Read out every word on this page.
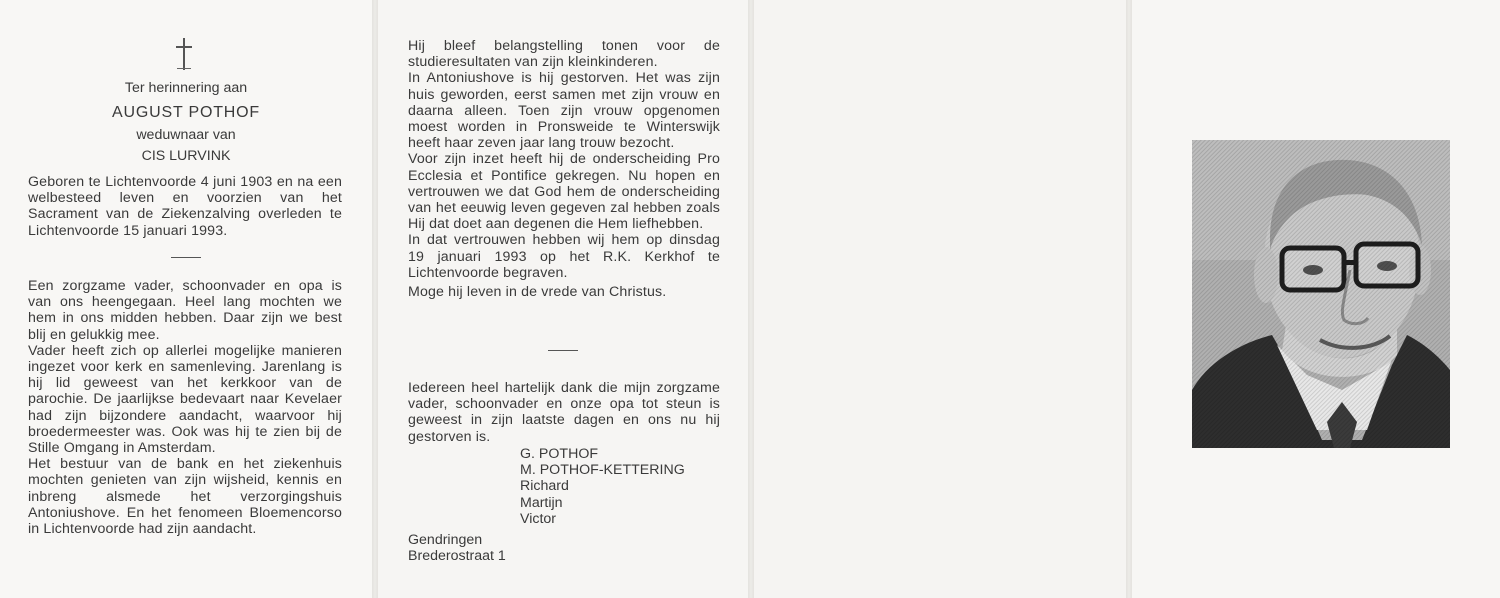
Ter herinnering aan
AUGUST POTHOF
weduwnaar van
CIS LURVINK

Geboren te Lichtenvoorde 4 juni 1903 en na een welbesteed leven en voorzien van het Sacrament van de Ziekenzalving overleden te Lichtenvoorde 15 januari 1993.

Een zorgzame vader, schoonvader en opa is van ons heengegaan. Heel lang mochten we hem in ons midden hebben. Daar zijn we best blij en gelukkig mee.

Vader heeft zich op allerlei mogelijke manieren ingezet voor kerk en samenleving. Jarenlang is hij lid geweest van het kerkkoor van de parochie. De jaarlijkse bedevaart naar Kevelaer had zijn bijzondere aandacht, waarvoor hij broedermeester was. Ook was hij te zien bij de Stille Omgang in Amsterdam.

Het bestuur van de bank en het ziekenhuis mochten genieten van zijn wijsheid, kennis en inbreng alsmede het verzorgingshuis Antoniushove. En het fenomeen Bloemencorso in Lichtenvoorde had zijn aandacht.

Hij bleef belangstelling tonen voor de studieresultaten van zijn kleinkinderen.

In Antoniushove is hij gestorven. Het was zijn huis geworden, eerst samen met zijn vrouw en daarna alleen. Toen zijn vrouw opgenomen moest worden in Pronsweide te Winterswijk heeft haar zeven jaar lang trouw bezocht.

Voor zijn inzet heeft hij de onderscheiding Pro Ecclesia et Pontifice gekregen. Nu hopen en vertrouwen we dat God hem de onderscheiding van het eeuwig leven gegeven zal hebben zoals Hij dat doet aan degenen die Hem liefhebben.

In dat vertrouwen hebben wij hem op dinsdag 19 januari 1993 op het R.K. Kerkhof te Lichtenvoorde begraven.

Moge hij leven in de vrede van Christus.

Iedereen heel hartelijk dank die mijn zorgzame vader, schoonvader en onze opa tot steun is geweest in zijn laatste dagen en ons nu hij gestorven is.

G. POTHOF
M. POTHOF-KETTERING
Richard
Martijn
Victor
Gendringen
Brederostraat 1
